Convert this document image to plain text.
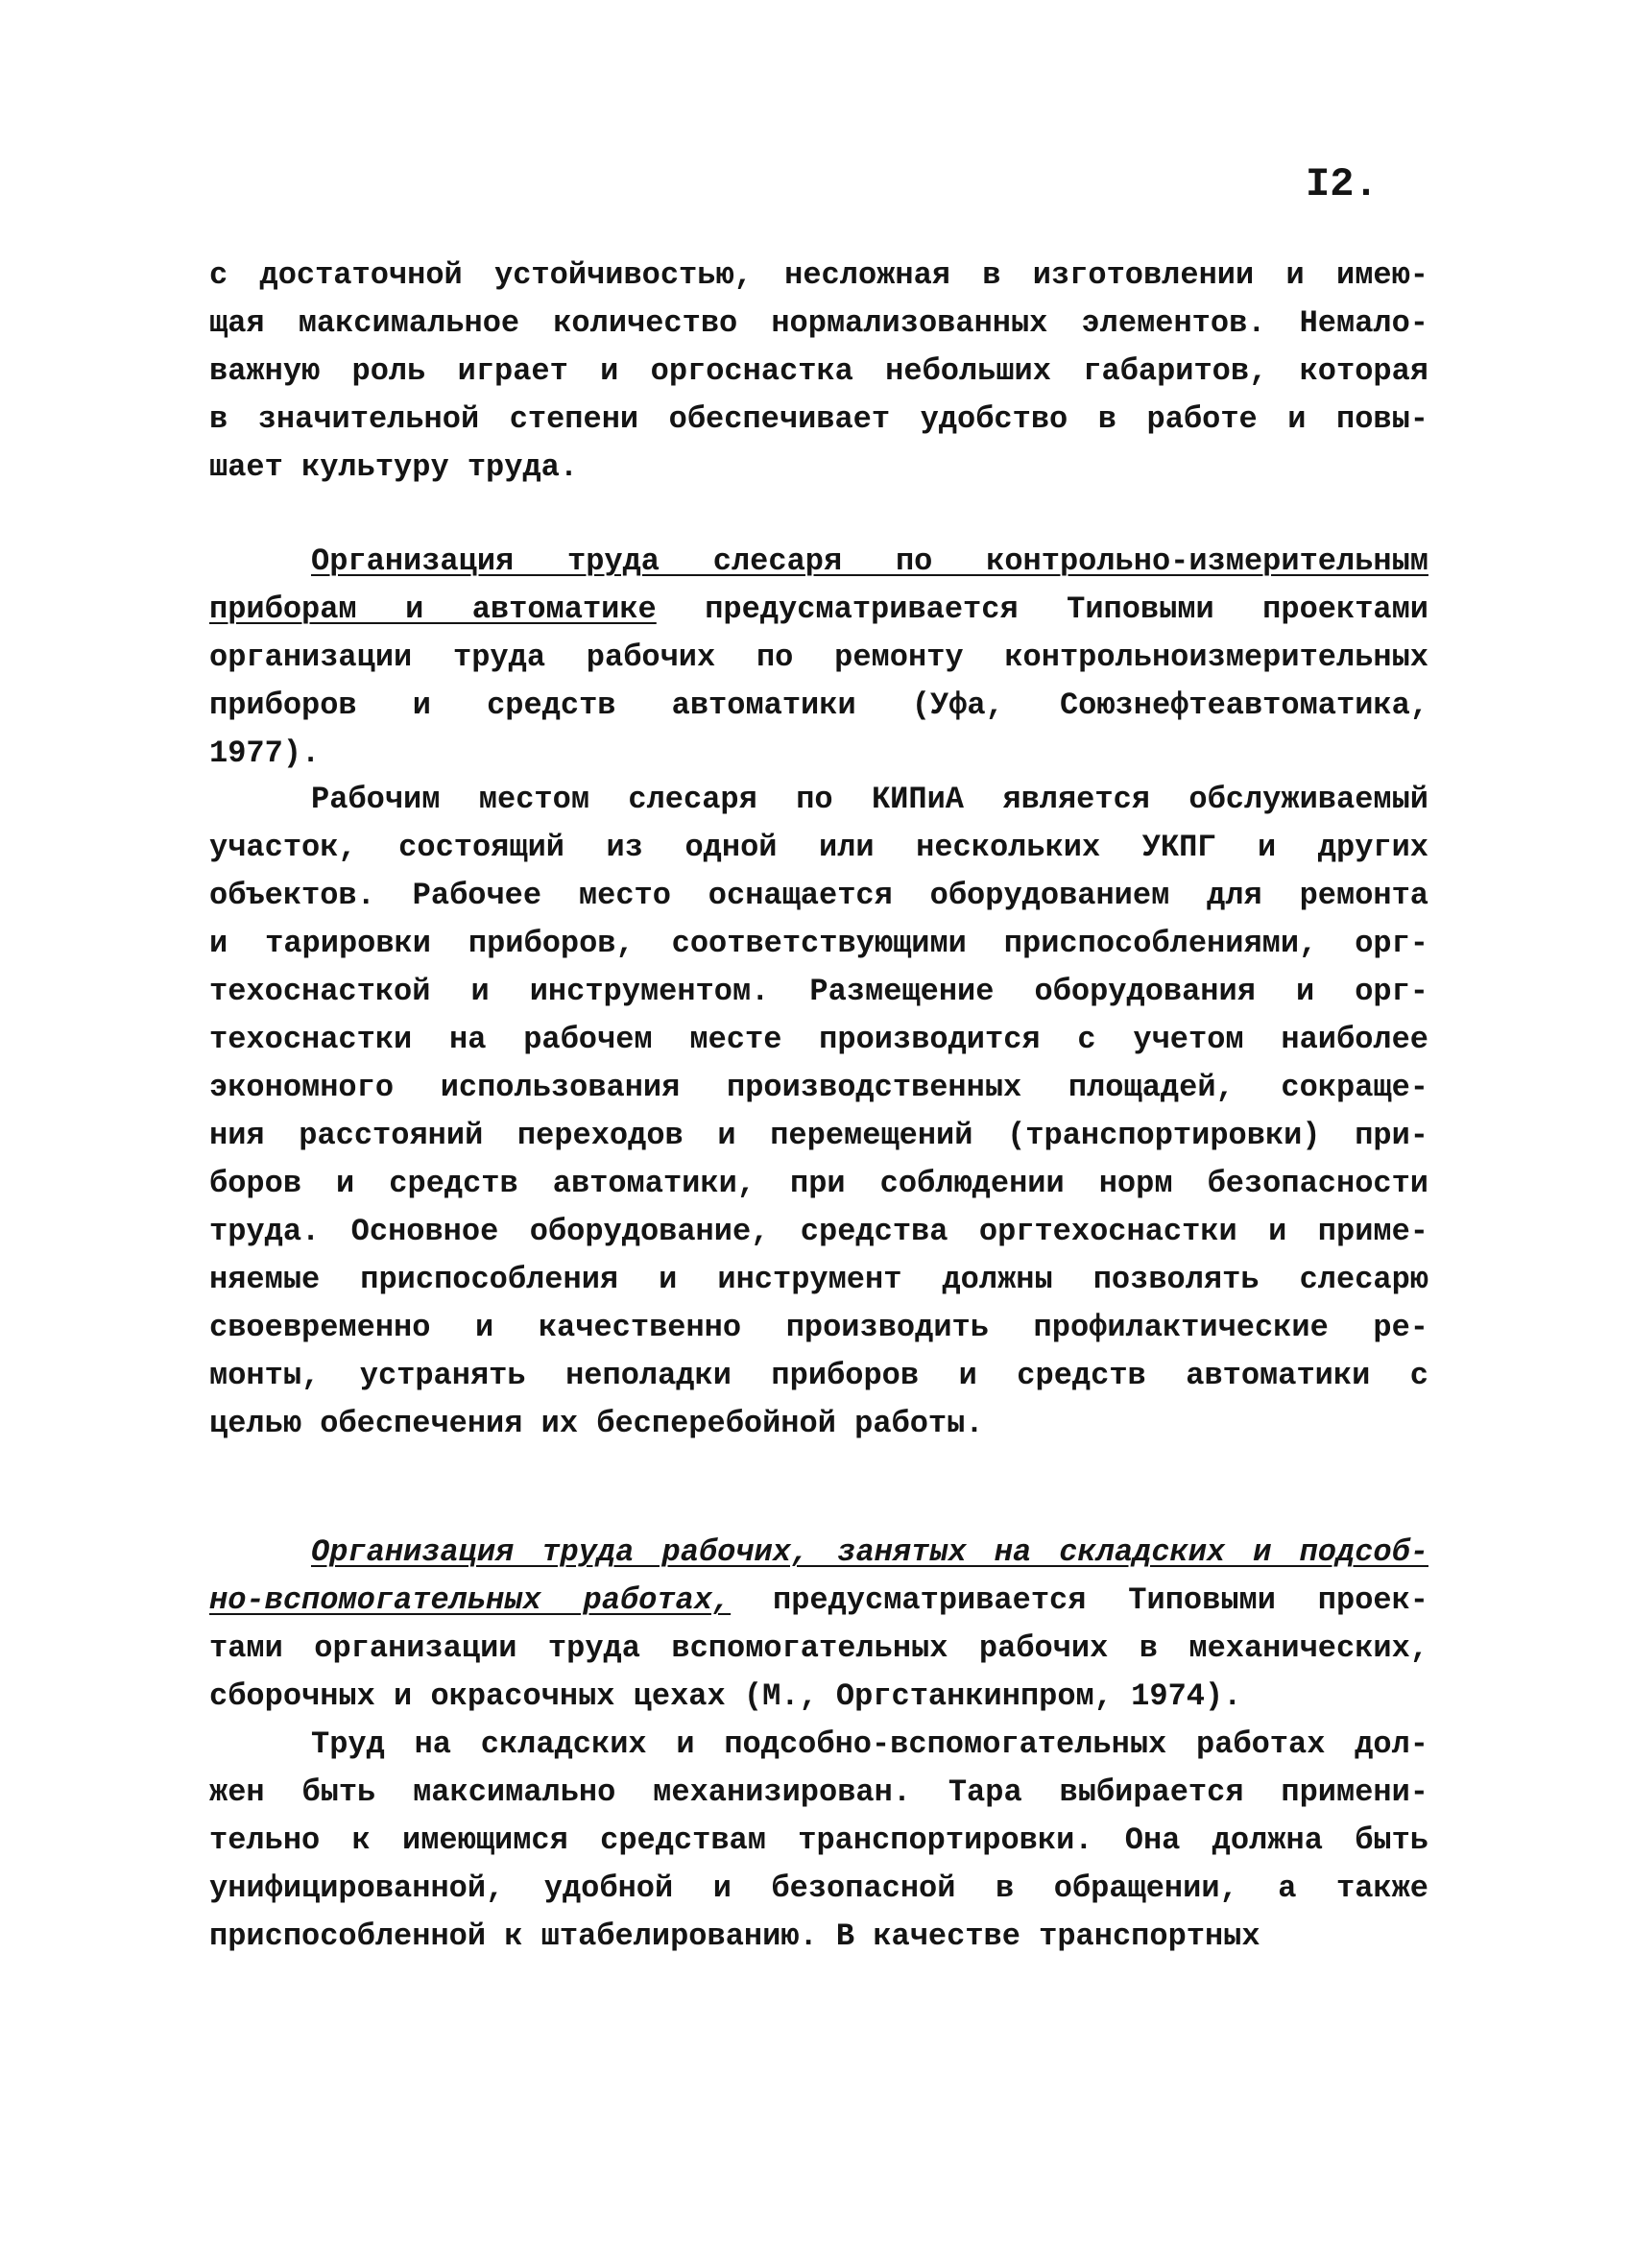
I2.

с достаточной устойчивостью, несложная в изготовлении и имею-
щая максимальное количество нормализованных элементов. Немало-
важную роль играет и оргоснастка небольших габаритов, которая
в значительной степени обеспечивает удобство в работе и повы-
шает культуру труда.

Организация труда слесаря по контрольно-измерительным
приборам и автоматике предусматривается Типовыми проектами
организации труда рабочих по ремонту контрольноизмерительных
приборов и средств автоматики (Уфа, Союзнефтеавтоматика,
1977).

Рабочим местом слесаря по КИПиА является обслуживаемый
участок, состоящий из одной или нескольких УКПГ и других
объектов. Рабочее место оснащается оборудованием для ремонта
и тарировки приборов, соответствующими приспособлениями, орг-
техоснасткой и инструментом. Размещение оборудования и орг-
техоснастки на рабочем месте производится с учетом наиболее
экономного использования производственных площадей, сокраще-
ния расстояний переходов и перемещений (транспортировки) при-
боров и средств автоматики, при соблюдении норм безопасности
труда. Основное оборудование, средства оргтехоснастки и приме-
няемые приспособления и инструмент должны позволять слесарю
своевременно и качественно производить профилактические ре-
монты, устранять неполадки приборов и средств автоматики с
целью обеспечения их бесперебойной работы.

Организация труда рабочих, занятых на складских и подсоб-
но-вспомогательных работах, предусматривается Типовыми проек-
тами организации труда вспомогательных рабочих в механических,
сборочных и окрасочных цехах (М., Оргстанкинпром, 1974).

Труд на складских и подсобно-вспомогательных работах дол-
жен быть максимально механизирован. Тара выбирается примени-
тельно к имеющимся средствам транспортировки. Она должна быть
унифицированной, удобной и безопасной в обращении, а также
приспособленной к штабелированию. В качестве транспортных
